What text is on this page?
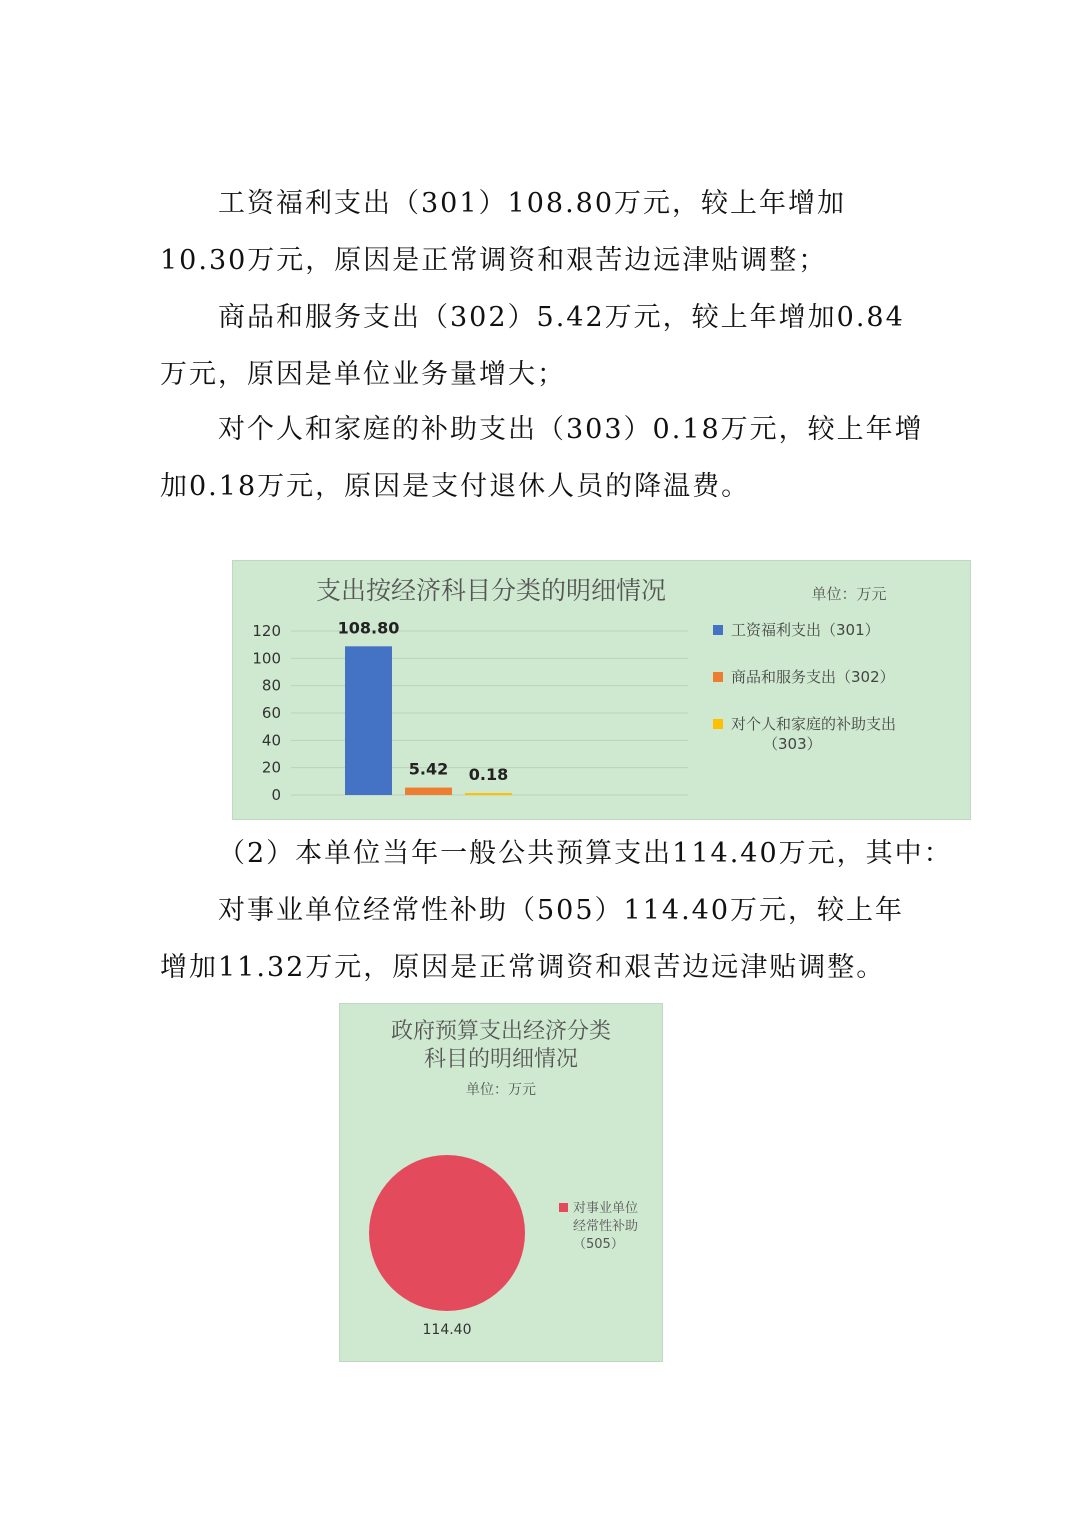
工资福利支出（301）108.80万元，较上年增加10.30万元，原因是正常调资和艰苦边远津贴调整；

商品和服务支出（302）5.42万元，较上年增加0.84万元，原因是单位业务量增大；

对个人和家庭的补助支出（303）0.18万元，较上年增加0.18万元，原因是支付退休人员的降温费。

支出按经济科目分类的明细情况	单位：万元
0
20
40
60
80
100
120	108.80
5.42 0.18
工资福利支出（301）
商品和服务支出（302）
对个人和家庭的补助支出
（303）

（2）本单位当年一般公共预算支出114.40万元，其中：

对事业单位经常性补助（505）114.40万元，较上年增加11.32万元，原因是正常调资和艰苦边远津贴调整。

政府预算支出经济分类
科目的明细情况
单位：万元
114.40
对事业单位
经常性补助
（505）
